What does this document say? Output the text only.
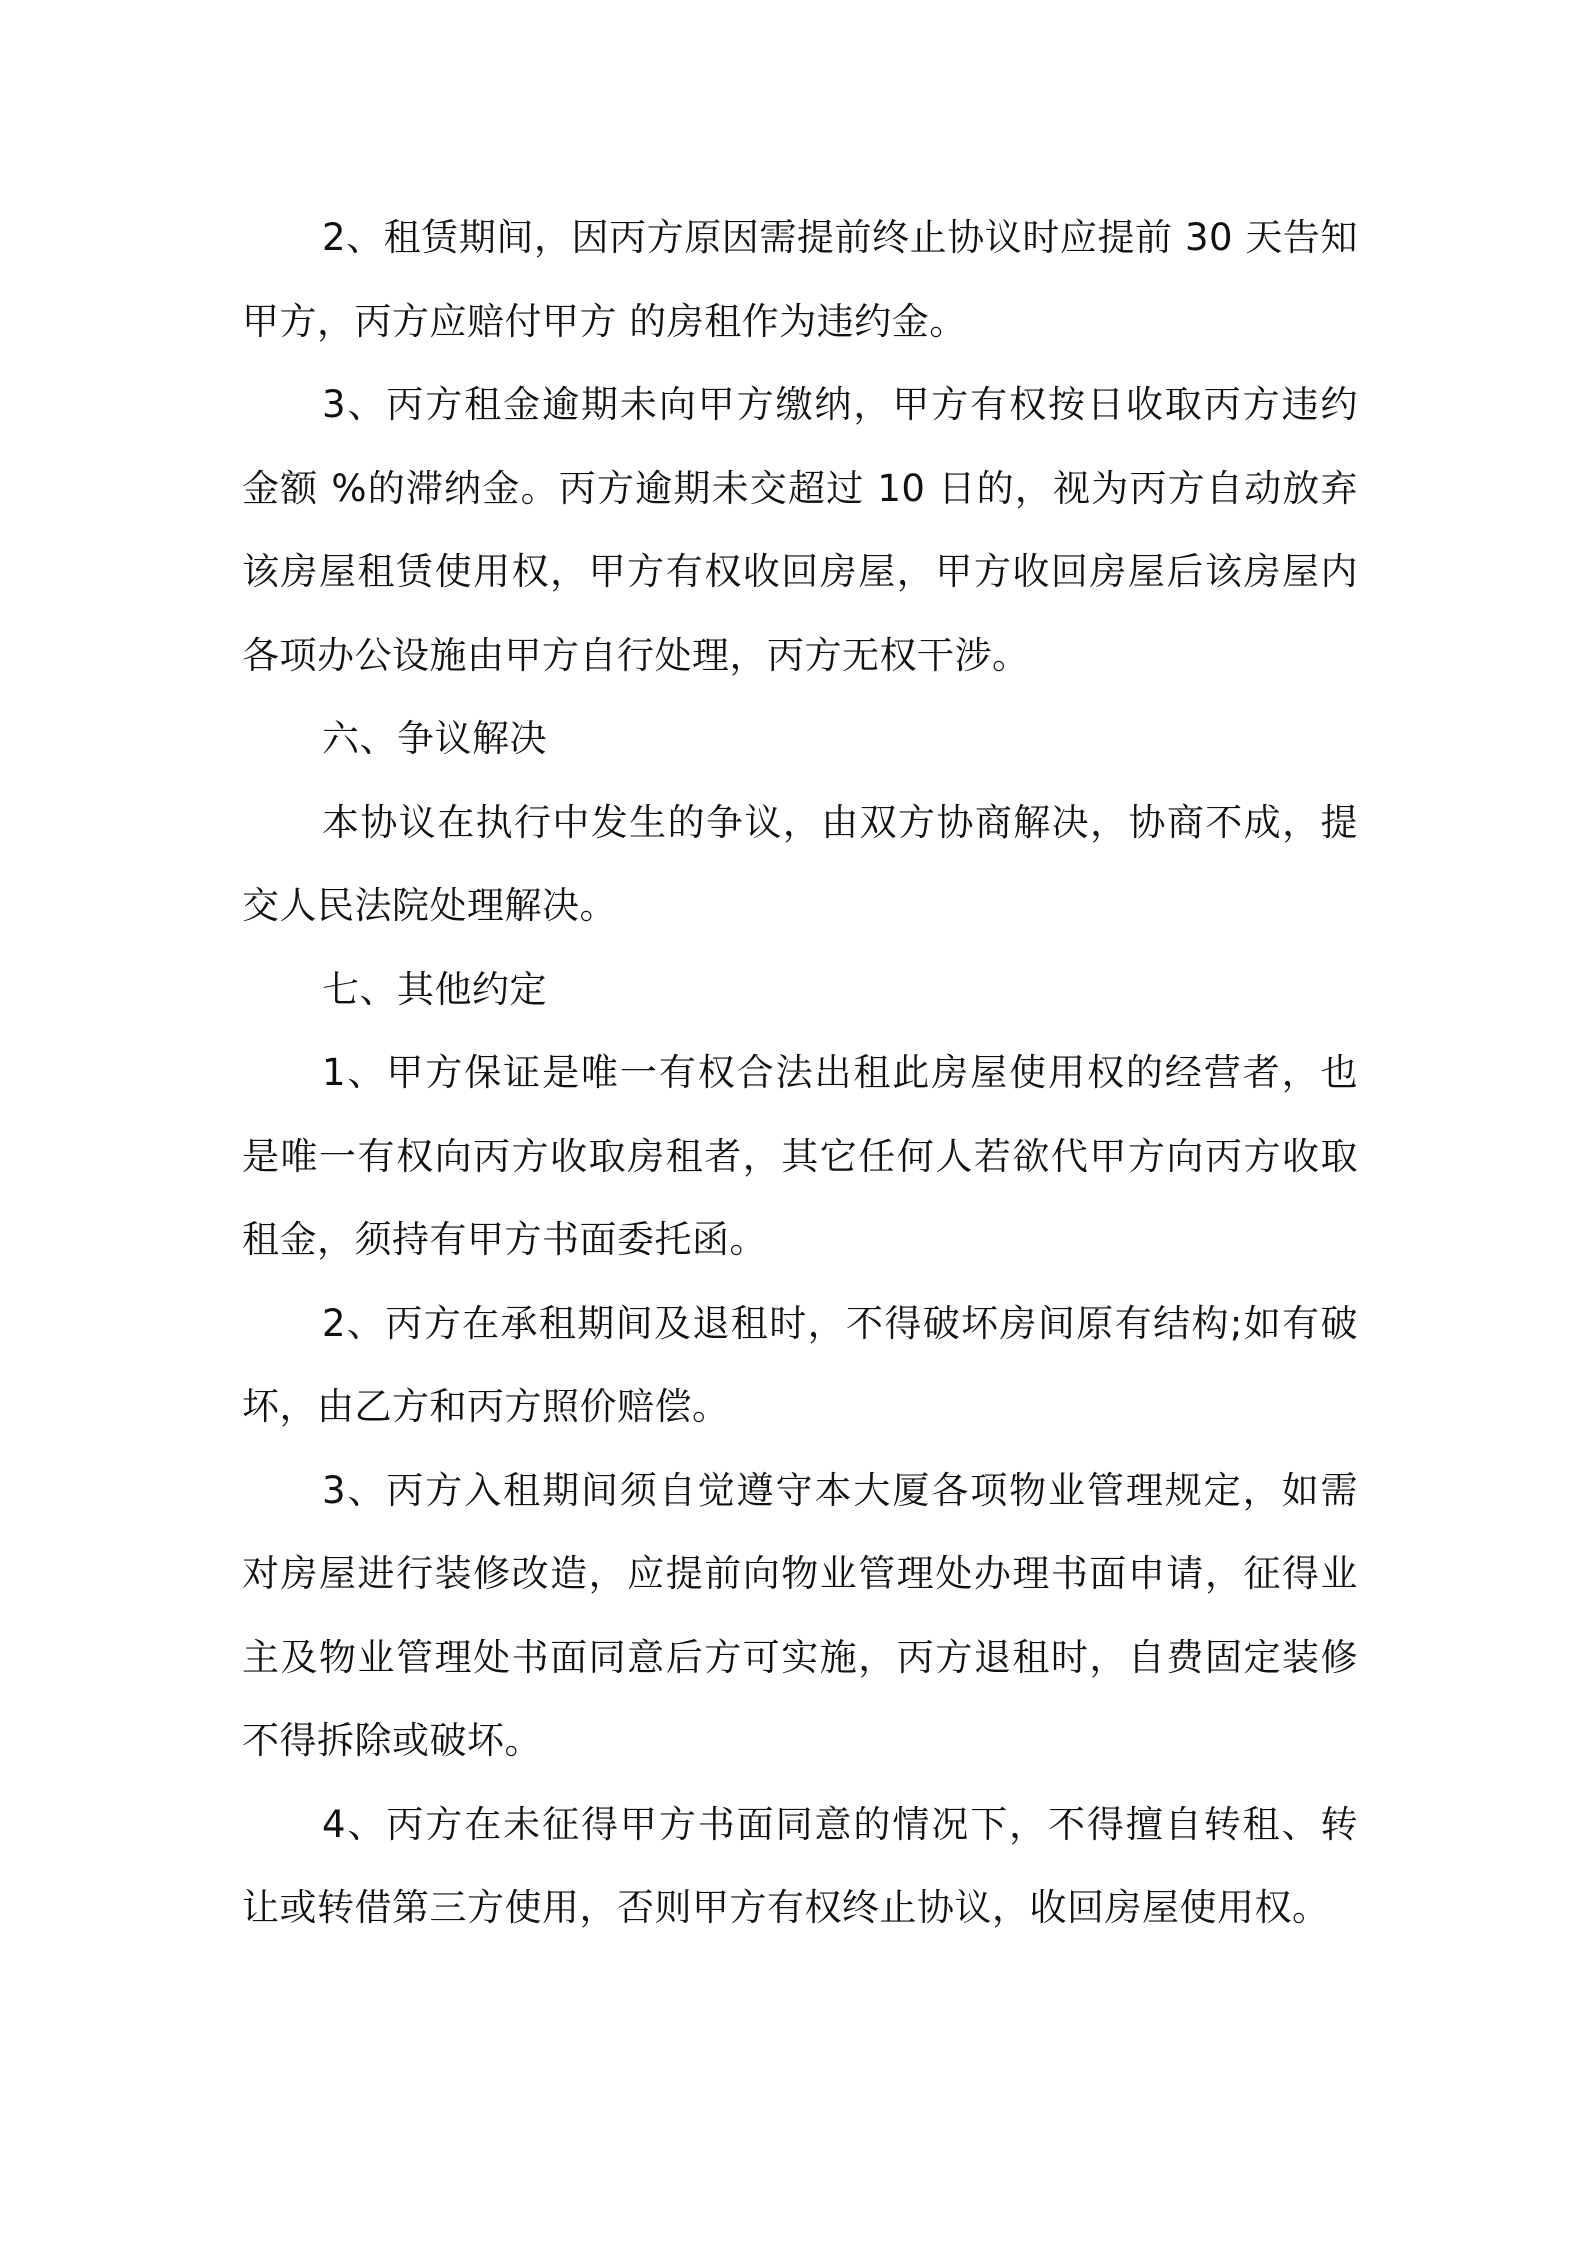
2、租赁期间，因丙方原因需提前终止协议时应提前 30 天告知甲方，丙方应赔付甲方 的房租作为违约金。

3、丙方租金逾期未向甲方缴纳，甲方有权按日收取丙方违约金额 %的滞纳金。丙方逾期未交超过 10 日的，视为丙方自动放弃该房屋租赁使用权，甲方有权收回房屋，甲方收回房屋后该房屋内各项办公设施由甲方自行处理，丙方无权干涉。

六、争议解决

本协议在执行中发生的争议，由双方协商解决，协商不成，提交人民法院处理解决。

七、其他约定

1、甲方保证是唯一有权合法出租此房屋使用权的经营者，也是唯一有权向丙方收取房租者，其它任何人若欲代甲方向丙方收取租金，须持有甲方书面委托函。

2、丙方在承租期间及退租时，不得破坏房间原有结构;如有破坏，由乙方和丙方照价赔偿。

3、丙方入租期间须自觉遵守本大厦各项物业管理规定，如需对房屋进行装修改造，应提前向物业管理处办理书面申请，征得业主及物业管理处书面同意后方可实施，丙方退租时，自费固定装修不得拆除或破坏。

4、丙方在未征得甲方书面同意的情况下，不得擅自转租、转让或转借第三方使用，否则甲方有权终止协议，收回房屋使用权。
